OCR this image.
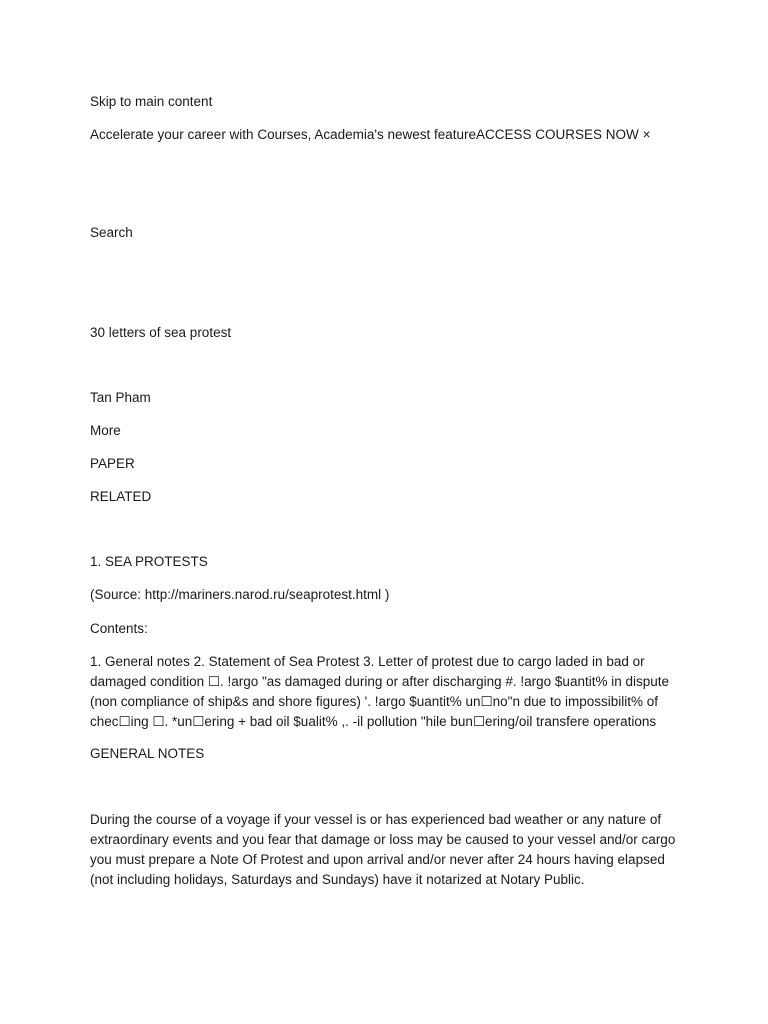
Skip to main content
Accelerate your career with Courses, Academia's newest featureACCESS COURSES NOW ×
Search
30 letters of sea protest
Tan Pham
More
PAPER
RELATED
1. SEA PROTESTS
(Source: http://mariners.narod.ru/seaprotest.html )
Contents:
1. General notes 2. Statement of Sea Protest 3. Letter of protest due to cargo laded in bad or damaged condition ☐. !argo "as damaged during or after discharging #. !argo $uantit% in dispute (non compliance of ship&s and shore figures) '. !argo $uantit% un☐no"n due to impossibilit% of chec☐ing ☐. *un☐ering + bad oil $ualit% ,. -il pollution "hile bun☐ering/oil transfere operations
GENERAL NOTES
During the course of a voyage if your vessel is or has experienced bad weather or any nature of extraordinary events and you fear that damage or loss may be caused to your vessel and/or cargo you must prepare a Note Of Protest and upon arrival and/or never after 24 hours having elapsed (not including holidays, Saturdays and Sundays) have it notarized at Notary Public.
